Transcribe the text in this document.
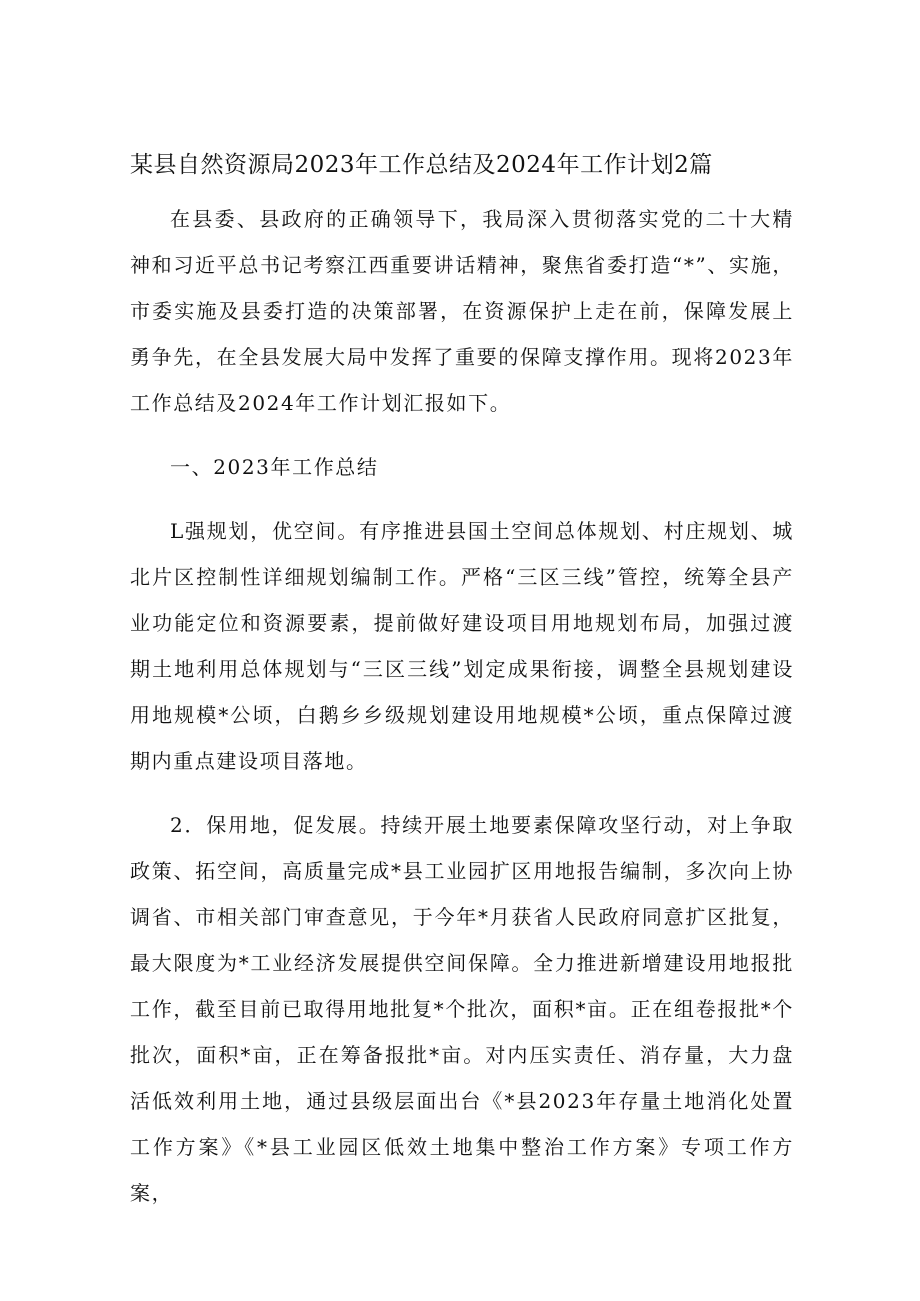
某县自然资源局2023年工作总结及2024年工作计划2篇

在县委、县政府的正确领导下，我局深入贯彻落实党的二十大精神和习近平总书记考察江西重要讲话精神，聚焦省委打造“*”、实施，市委实施及县委打造的决策部署，在资源保护上走在前，保障发展上勇争先，在全县发展大局中发挥了重要的保障支撑作用。现将2023年工作总结及2024年工作计划汇报如下。

一、2023年工作总结

L强规划，优空间。有序推进县国土空间总体规划、村庄规划、城北片区控制性详细规划编制工作。严格“三区三线”管控，统筹全县产业功能定位和资源要素，提前做好建设项目用地规划布局，加强过渡期土地利用总体规划与“三区三线”划定成果衔接，调整全县规划建设用地规模*公顷，白鹅乡乡级规划建设用地规模*公顷，重点保障过渡期内重点建设项目落地。

2．保用地，促发展。持续开展土地要素保障攻坚行动，对上争取政策、拓空间，高质量完成*县工业园扩区用地报告编制，多次向上协调省、市相关部门审查意见，于今年*月获省人民政府同意扩区批复，最大限度为*工业经济发展提供空间保障。全力推进新增建设用地报批工作，截至目前已取得用地批复*个批次，面积*亩。正在组卷报批*个批次，面积*亩，正在筹备报批*亩。对内压实责任、消存量，大力盘活低效利用土地，通过县级层面出台《*县2023年存量土地消化处置工作方案》《*县工业园区低效土地集中整治工作方案》专项工作方案，
